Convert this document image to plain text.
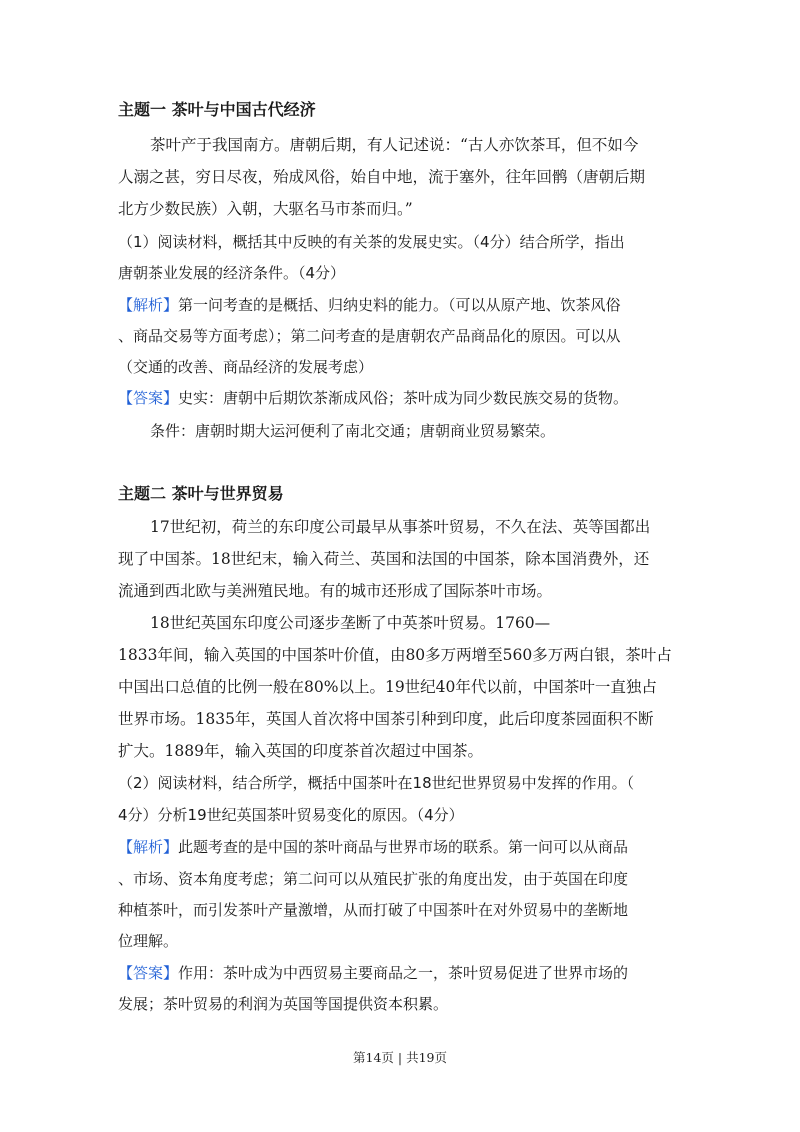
主题一 茶叶与中国古代经济
茶叶产于我国南方。唐朝后期，有人记述说：“古人亦饮茶耳，但不如今
人溺之甚，穷日尽夜，殆成风俗，始自中地，流于塞外，往年回鹘（唐朝后期
北方少数民族）入朝，大驱名马市茶而归。”
（1）阅读材料，概括其中反映的有关茶的发展史实。（4分）结合所学，指出
唐朝茶业发展的经济条件。（4分）
【解析】第一问考查的是概括、归纳史料的能力。（可以从原产地、饮茶风俗
、商品交易等方面考虑）；第二问考查的是唐朝农产品商品化的原因。可以从
（交通的改善、商品经济的发展考虑）
【答案】史实：唐朝中后期饮茶渐成风俗；茶叶成为同少数民族交易的货物。
条件：唐朝时期大运河便利了南北交通；唐朝商业贸易繁荣。
主题二 茶叶与世界贸易
17世纪初，荷兰的东印度公司最早从事茶叶贸易，不久在法、英等国都出
现了中国茶。18世纪末，输入荷兰、英国和法国的中国茶，除本国消费外，还
流通到西北欧与美洲殖民地。有的城市还形成了国际茶叶市场。
18世纪英国东印度公司逐步垄断了中英茶叶贸易。1760—
1833年间，输入英国的中国茶叶价值，由80多万两增至560多万两白银，茶叶占
中国出口总值的比例一般在80%以上。19世纪40年代以前，中国茶叶一直独占
世界市场。1835年，英国人首次将中国茶引种到印度，此后印度茶园面积不断
扩大。1889年，输入英国的印度茶首次超过中国茶。
（2）阅读材料，结合所学，概括中国茶叶在18世纪世界贸易中发挥的作用。（
4分）分析19世纪英国茶叶贸易变化的原因。（4分）
【解析】此题考查的是中国的茶叶商品与世界市场的联系。第一问可以从商品
、市场、资本角度考虑；第二问可以从殖民扩张的角度出发，由于英国在印度
种植茶叶，而引发茶叶产量激增，从而打破了中国茶叶在对外贸易中的垄断地
位理解。
【答案】作用：茶叶成为中西贸易主要商品之一，茶叶贸易促进了世界市场的
发展；茶叶贸易的利润为英国等国提供资本积累。
第14页 | 共19页
